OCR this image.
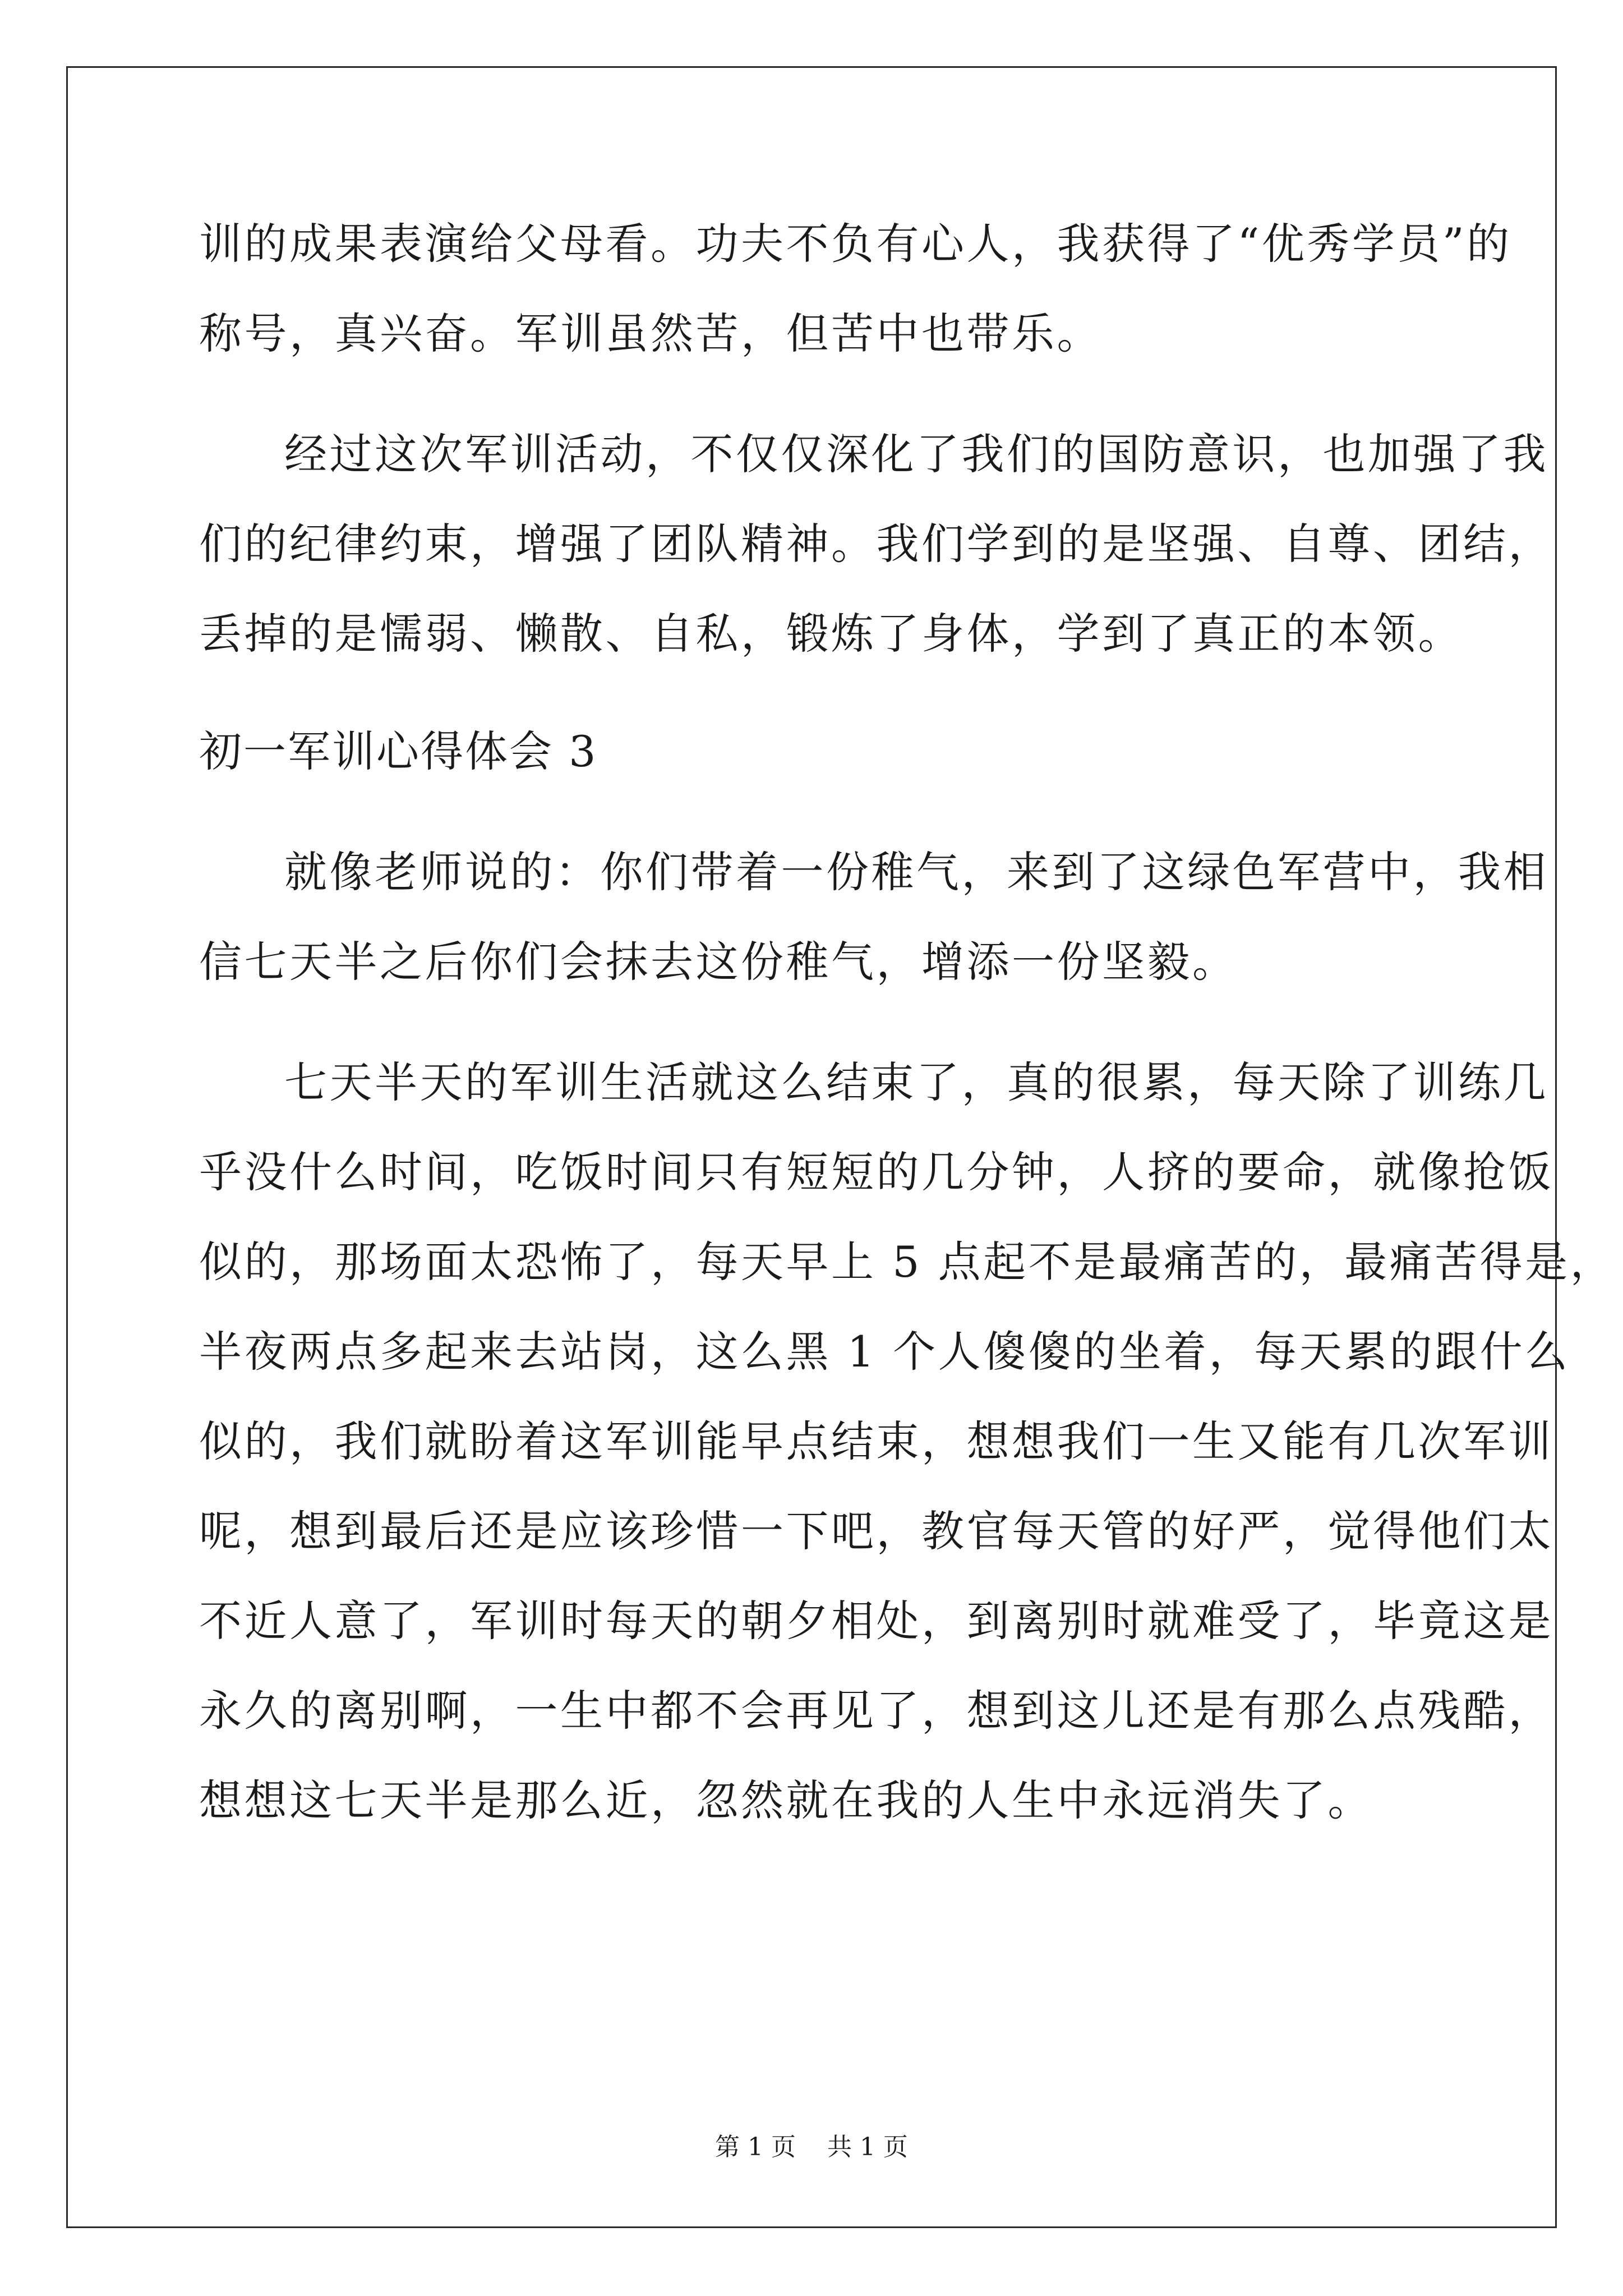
训的成果表演给父母看。功夫不负有心人，我获得了“优秀学员”的
称号，真兴奋。军训虽然苦，但苦中也带乐。
经过这次军训活动，不仅仅深化了我们的国防意识，也加强了我
们的纪律约束，增强了团队精神。我们学到的是坚强、自尊、团结，
丢掉的是懦弱、懒散、自私，锻炼了身体，学到了真正的本领。
初一军训心得体会 3
就像老师说的：你们带着一份稚气，来到了这绿色军营中，我相
信七天半之后你们会抹去这份稚气，增添一份坚毅。
七天半天的军训生活就这么结束了，真的很累，每天除了训练几
乎没什么时间，吃饭时间只有短短的几分钟，人挤的要命，就像抢饭
似的，那场面太恐怖了，每天早上 5 点起不是最痛苦的，最痛苦得是，
半夜两点多起来去站岗，这么黑 1 个人傻傻的坐着，每天累的跟什么
似的，我们就盼着这军训能早点结束，想想我们一生又能有几次军训
呢，想到最后还是应该珍惜一下吧，教官每天管的好严，觉得他们太
不近人意了，军训时每天的朝夕相处，到离别时就难受了，毕竟这是
永久的离别啊，一生中都不会再见了，想到这儿还是有那么点残酷，
想想这七天半是那么近，忽然就在我的人生中永远消失了。
第 1 页    共 1 页
